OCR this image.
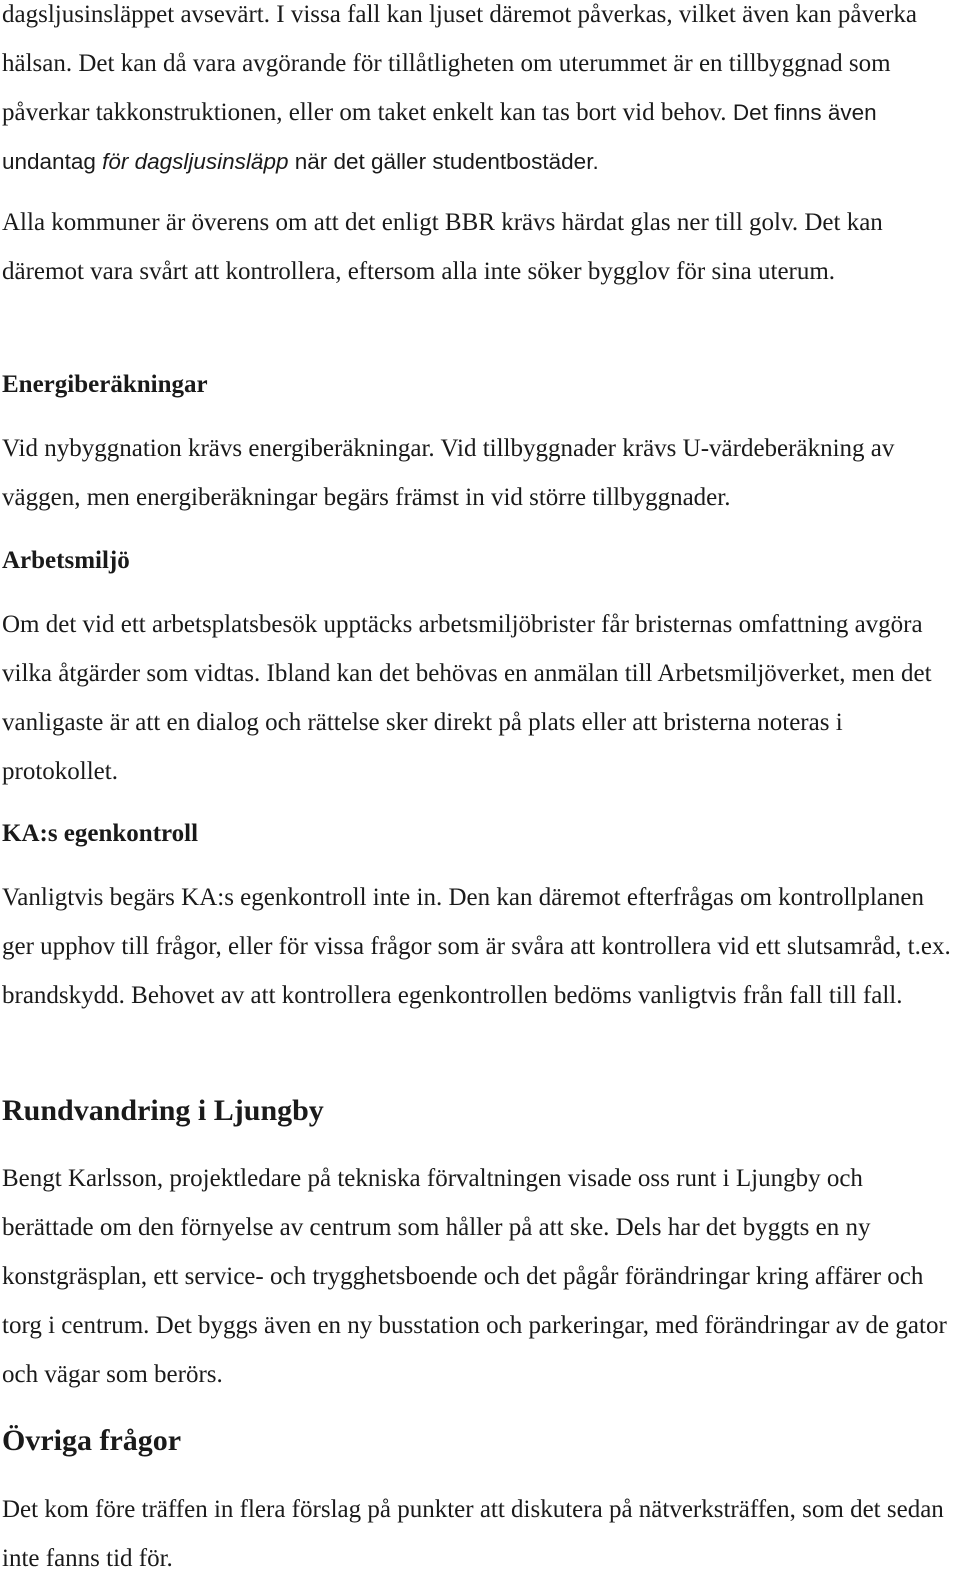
dagsljusinsläppet avsevärt. I vissa fall kan ljuset däremot påverkas, vilket även kan påverka hälsan. Det kan då vara avgörande för tillåtligheten om uterummet är en tillbyggnad som påverkar takkonstruktionen, eller om taket enkelt kan tas bort vid behov. Det finns även undantag för dagsljusinsläpp när det gäller studentbostäder.

Alla kommuner är överens om att det enligt BBR krävs härdat glas ner till golv. Det kan däremot vara svårt att kontrollera, eftersom alla inte söker bygglov för sina uterum.

Energiberäkningar

Vid nybyggnation krävs energiberäkningar. Vid tillbyggnader krävs U-värdeberäkning av väggen, men energiberäkningar begärs främst in vid större tillbyggnader.

Arbetsmiljö

Om det vid ett arbetsplatsbesök upptäcks arbetsmiljöbrister får bristernas omfattning avgöra vilka åtgärder som vidtas. Ibland kan det behövas en anmälan till Arbetsmiljöverket, men det vanligaste är att en dialog och rättelse sker direkt på plats eller att bristerna noteras i protokollet.

KA:s egenkontroll

Vanligtvis begärs KA:s egenkontroll inte in. Den kan däremot efterfrågas om kontrollplanen ger upphov till frågor, eller för vissa frågor som är svåra att kontrollera vid ett slutsamråd, t.ex. brandskydd. Behovet av att kontrollera egenkontrollen bedöms vanligtvis från fall till fall.

Rundvandring i Ljungby

Bengt Karlsson, projektledare på tekniska förvaltningen visade oss runt i Ljungby och berättade om den förnyelse av centrum som håller på att ske. Dels har det byggts en ny konstgräsplan, ett service- och trygghetsboende och det pågår förändringar kring affärer och torg i centrum. Det byggs även en ny busstation och parkeringar, med förändringar av de gator och vägar som berörs.

Övriga frågor

Det kom före träffen in flera förslag på punkter att diskutera på nätverksträffen, som det sedan inte fanns tid för.
